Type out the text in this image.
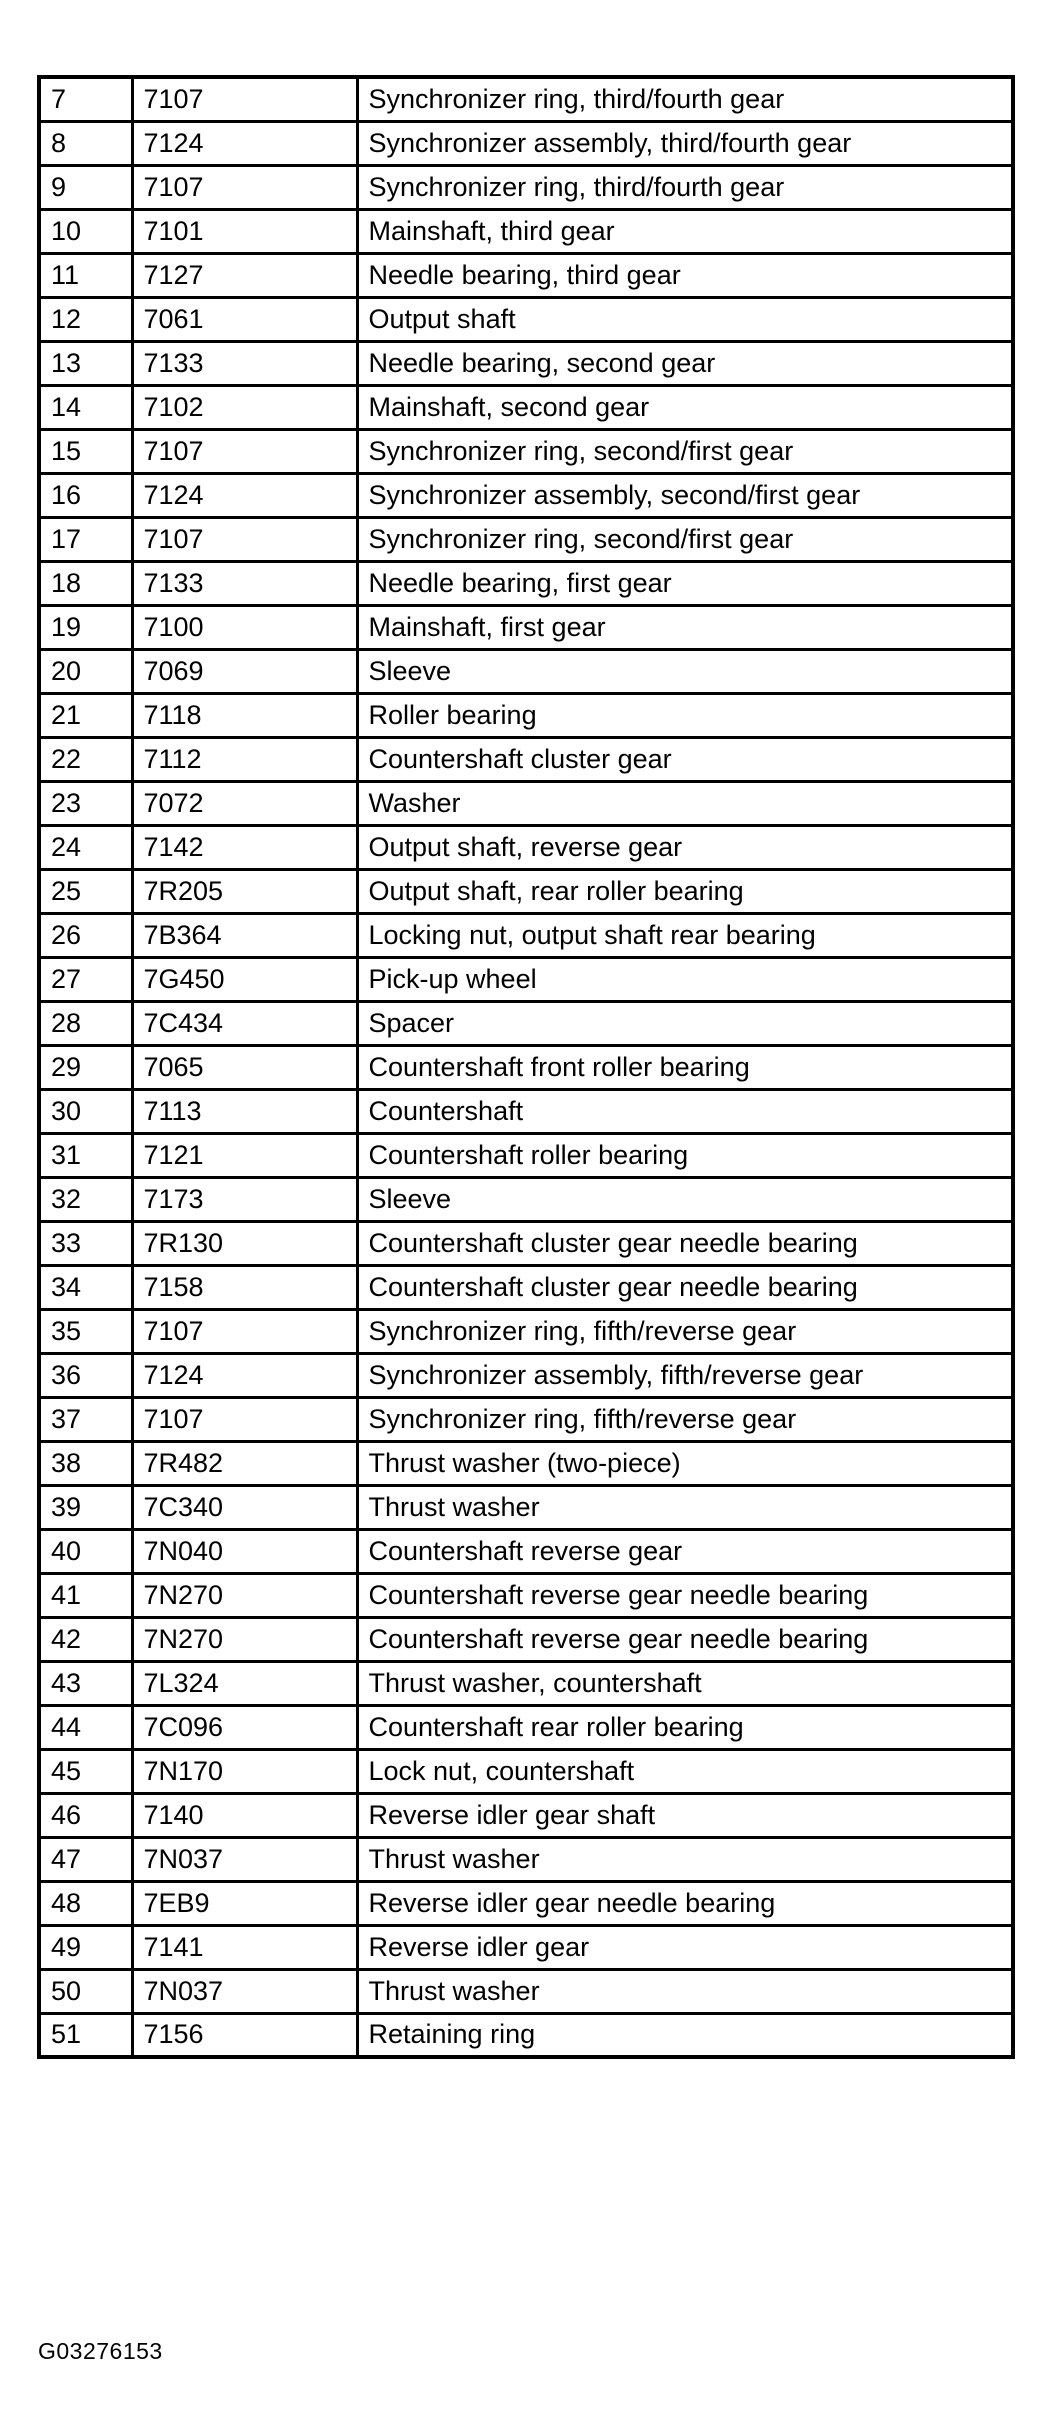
7	7107	Synchronizer ring, third/fourth gear
8	7124	Synchronizer assembly, third/fourth gear
9	7107	Synchronizer ring, third/fourth gear
10	7101	Mainshaft, third gear
11	7127	Needle bearing, third gear
12	7061	Output shaft
13	7133	Needle bearing, second gear
14	7102	Mainshaft, second gear
15	7107	Synchronizer ring, second/first gear
16	7124	Synchronizer assembly, second/first gear
17	7107	Synchronizer ring, second/first gear
18	7133	Needle bearing, first gear
19	7100	Mainshaft, first gear
20	7069	Sleeve
21	7118	Roller bearing
22	7112	Countershaft cluster gear
23	7072	Washer
24	7142	Output shaft, reverse gear
25	7R205	Output shaft, rear roller bearing
26	7B364	Locking nut, output shaft rear bearing
27	7G450	Pick-up wheel
28	7C434	Spacer
29	7065	Countershaft front roller bearing
30	7113	Countershaft
31	7121	Countershaft roller bearing
32	7173	Sleeve
33	7R130	Countershaft cluster gear needle bearing
34	7158	Countershaft cluster gear needle bearing
35	7107	Synchronizer ring, fifth/reverse gear
36	7124	Synchronizer assembly, fifth/reverse gear
37	7107	Synchronizer ring, fifth/reverse gear
38	7R482	Thrust washer (two-piece)
39	7C340	Thrust washer
40	7N040	Countershaft reverse gear
41	7N270	Countershaft reverse gear needle bearing
42	7N270	Countershaft reverse gear needle bearing
43	7L324	Thrust washer, countershaft
44	7C096	Countershaft rear roller bearing
45	7N170	Lock nut, countershaft
46	7140	Reverse idler gear shaft
47	7N037	Thrust washer
48	7EB9	Reverse idler gear needle bearing
49	7141	Reverse idler gear
50	7N037	Thrust washer
51	7156	Retaining ring
G03276153
